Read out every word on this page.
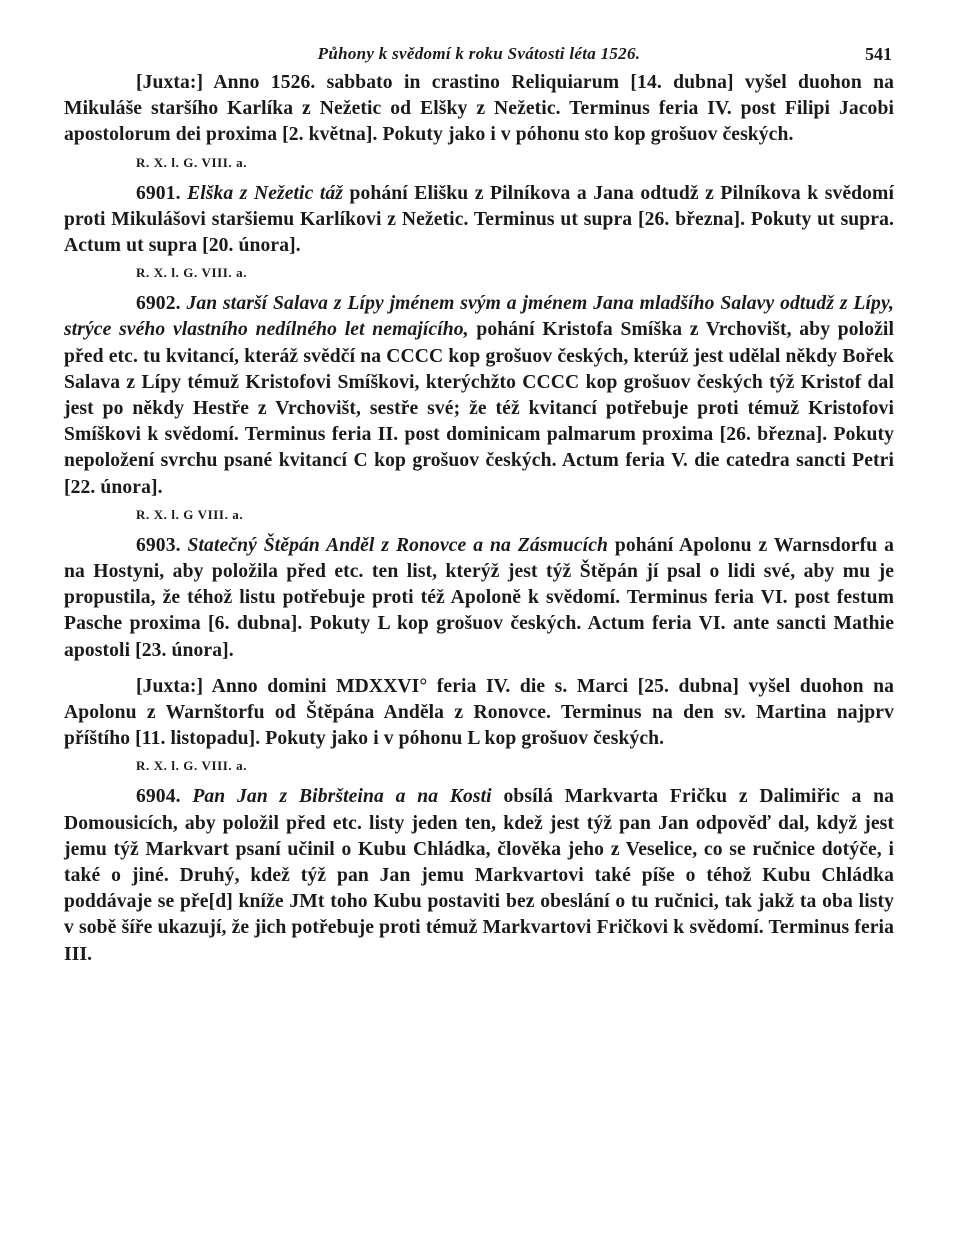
Půhony k svědomí k roku Svátosti léta 1526.	541

[Juxta:] Anno 1526. sabbato in crastino Reliquiarum [14. dubna] vyšel duohon na Mikuláše staršího Karlíka z Nežetic od Elšky z Nežetic. Terminus feria IV. post Filipi Jacobi apostolorum dei proxima [2. května]. Pokuty jako i v póhonu sto kop grošuov českých.

R. X. l. G. VIII. a.

6901. Elška z Nežetic táž pohání Elišku z Pilníkova a Jana odtudž z Pilníkova k svědomí proti Mikulášovi staršiemu Karlíkovi z Nežetic. Terminus ut supra [26. března]. Pokuty ut supra. Actum ut supra [20. února].

R. X. l. G. VIII. a.

6902. Jan starší Salava z Lípy jménem svým a jménem Jana mladšího Salavy odtudž z Lípy, strýce svého vlastního nedílného let nemajícího, pohání Kristofa Smíška z Vrchovišt, aby položil před etc. tu kvitancí, kteráž svědčí na CCCC kop grošuov českých, kterúž jest udělal někdy Bořek Salava z Lípy témuž Kristofovi Smíškovi, kterýchžto CCCC kop grošuov českých týž Kristof dal jest po někdy Hestře z Vrchovišt, sestře své; že též kvitancí potřebuje proti témuž Kristofovi Smíškovi k svědomí. Terminus feria II. post dominicam palmarum proxima [26. března]. Pokuty nepoložení svrchu psané kvitancí C kop grošuov českých. Actum feria V. die catedra sancti Petri [22. února].

R. X. l. G VIII. a.

6903. Statečný Štěpán Anděl z Ronovce a na Zásmucích pohání Apolonu z Warnsdorfu a na Hostyni, aby položila před etc. ten list, kterýž jest týž Štěpán jí psal o lidi své, aby mu je propustila, že téhož listu potřebuje proti též Apoloně k svědomí. Terminus feria VI. post festum Pasche proxima [6. dubna]. Pokuty L kop grošuov českých. Actum feria VI. ante sancti Mathie apostoli [23. února].

[Juxta:] Anno domini MDXXVI° feria IV. die s. Marci [25. dubna] vyšel duohon na Apolonu z Warnštorfu od Štěpána Anděla z Ronovce. Terminus na den sv. Martina najprv příštího [11. listopadu]. Pokuty jako i v póhonu L kop grošuov českých.

R. X. l. G. VIII. a.

6904. Pan Jan z Bibršteina a na Kosti obsílá Markvarta Fričku z Dalimiřic a na Domousicích, aby položil před etc. listy jeden ten, kdež jest týž pan Jan odpověď dal, když jest jemu týž Markvart psaní učinil o Kubu Chládka, člověka jeho z Veselice, co se ručnice dotýče, i také o jiné. Druhý, kdež týž pan Jan jemu Markvartovi také píše o téhož Kubu Chládka poddávaje se pře[d] kníže JMt toho Kubu postaviti bez obeslání o tu ručnici, tak jakž ta oba listy v sobě šíře ukazují, že jich potřebuje proti témuž Markvartovi Fričkovi k svědomí. Terminus feria III.
